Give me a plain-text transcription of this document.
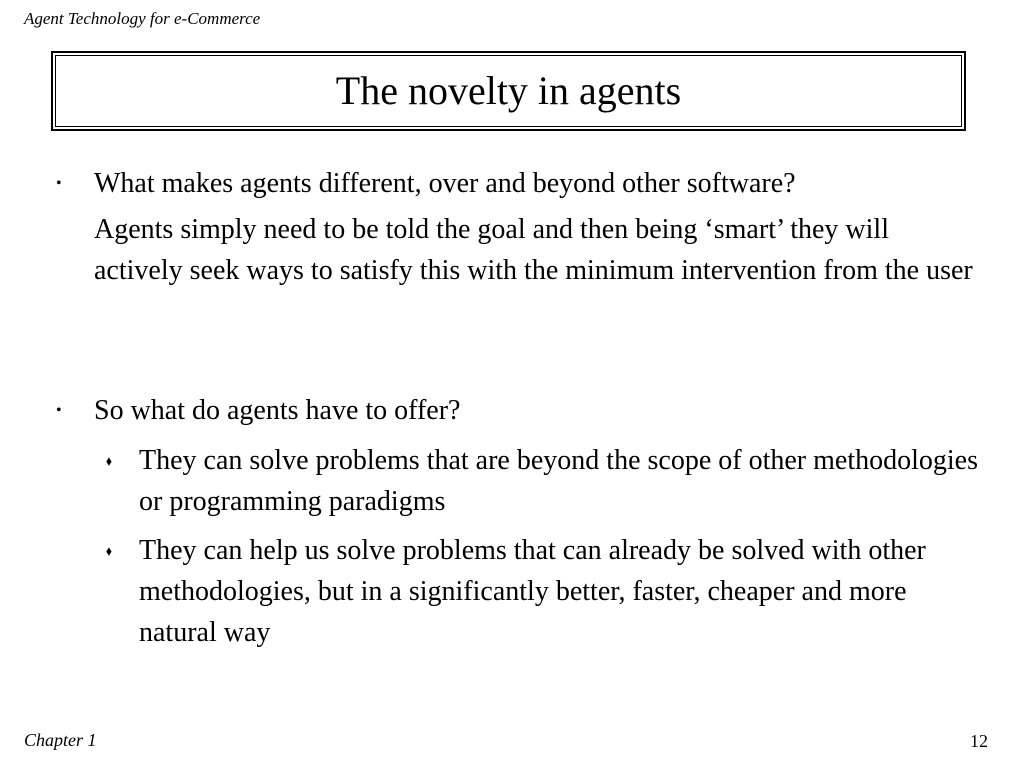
Agent Technology for e-Commerce
The novelty in agents
• What makes agents different, over and beyond other software?
Agents simply need to be told the goal and then being ‘smart’ they will actively seek ways to satisfy this with the minimum intervention from the user
• So what do agents have to offer?
⬧ They can solve problems that are beyond the scope of other methodologies or programming paradigms
⬧ They can help us solve problems that can already be solved with other methodologies, but in a significantly better, faster, cheaper and more natural way
Chapter 1	12
